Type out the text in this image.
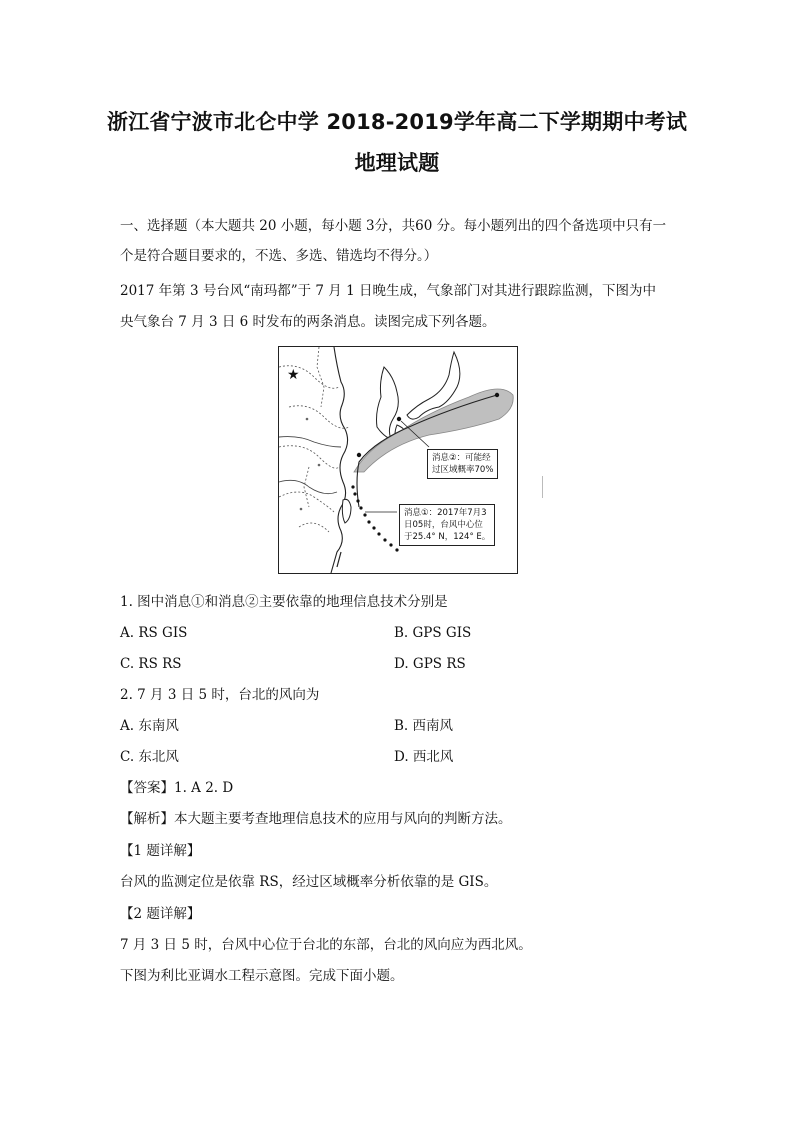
浙江省宁波市北仑中学 2018-2019学年高二下学期期中考试
地理试题
一、选择题（本大题共 20 小题，每小题 3分，共60 分。每小题列出的四个备选项中只有一
个是符合题目要求的，不选、多选、错选均不得分。）
2017 年第 3 号台风“南玛都”于 7 月 1 日晚生成，气象部门对其进行跟踪监测，下图为中
央气象台 7 月 3 日 6 时发布的两条消息。读图完成下列各题。
★
消息②：可能经
过区域概率70%
消息①：2017年7月3
日05时，台风中心位
于25.4° N，124° E。
1. 图中消息①和消息②主要依靠的地理信息技术分别是
A. RS GIS	B. GPS GIS
C. RS RS	D. GPS RS
2. 7 月 3 日 5 时，台北的风向为
A. 东南风	B. 西南风
C. 东北风	D. 西北风
【答案】1. A 2. D
【解析】本大题主要考查地理信息技术的应用与风向的判断方法。
【1 题详解】
台风的监测定位是依靠 RS，经过区域概率分析依靠的是 GIS。
【2 题详解】
7 月 3 日 5 时，台风中心位于台北的东部，台北的风向应为西北风。
下图为利比亚调水工程示意图。完成下面小题。
